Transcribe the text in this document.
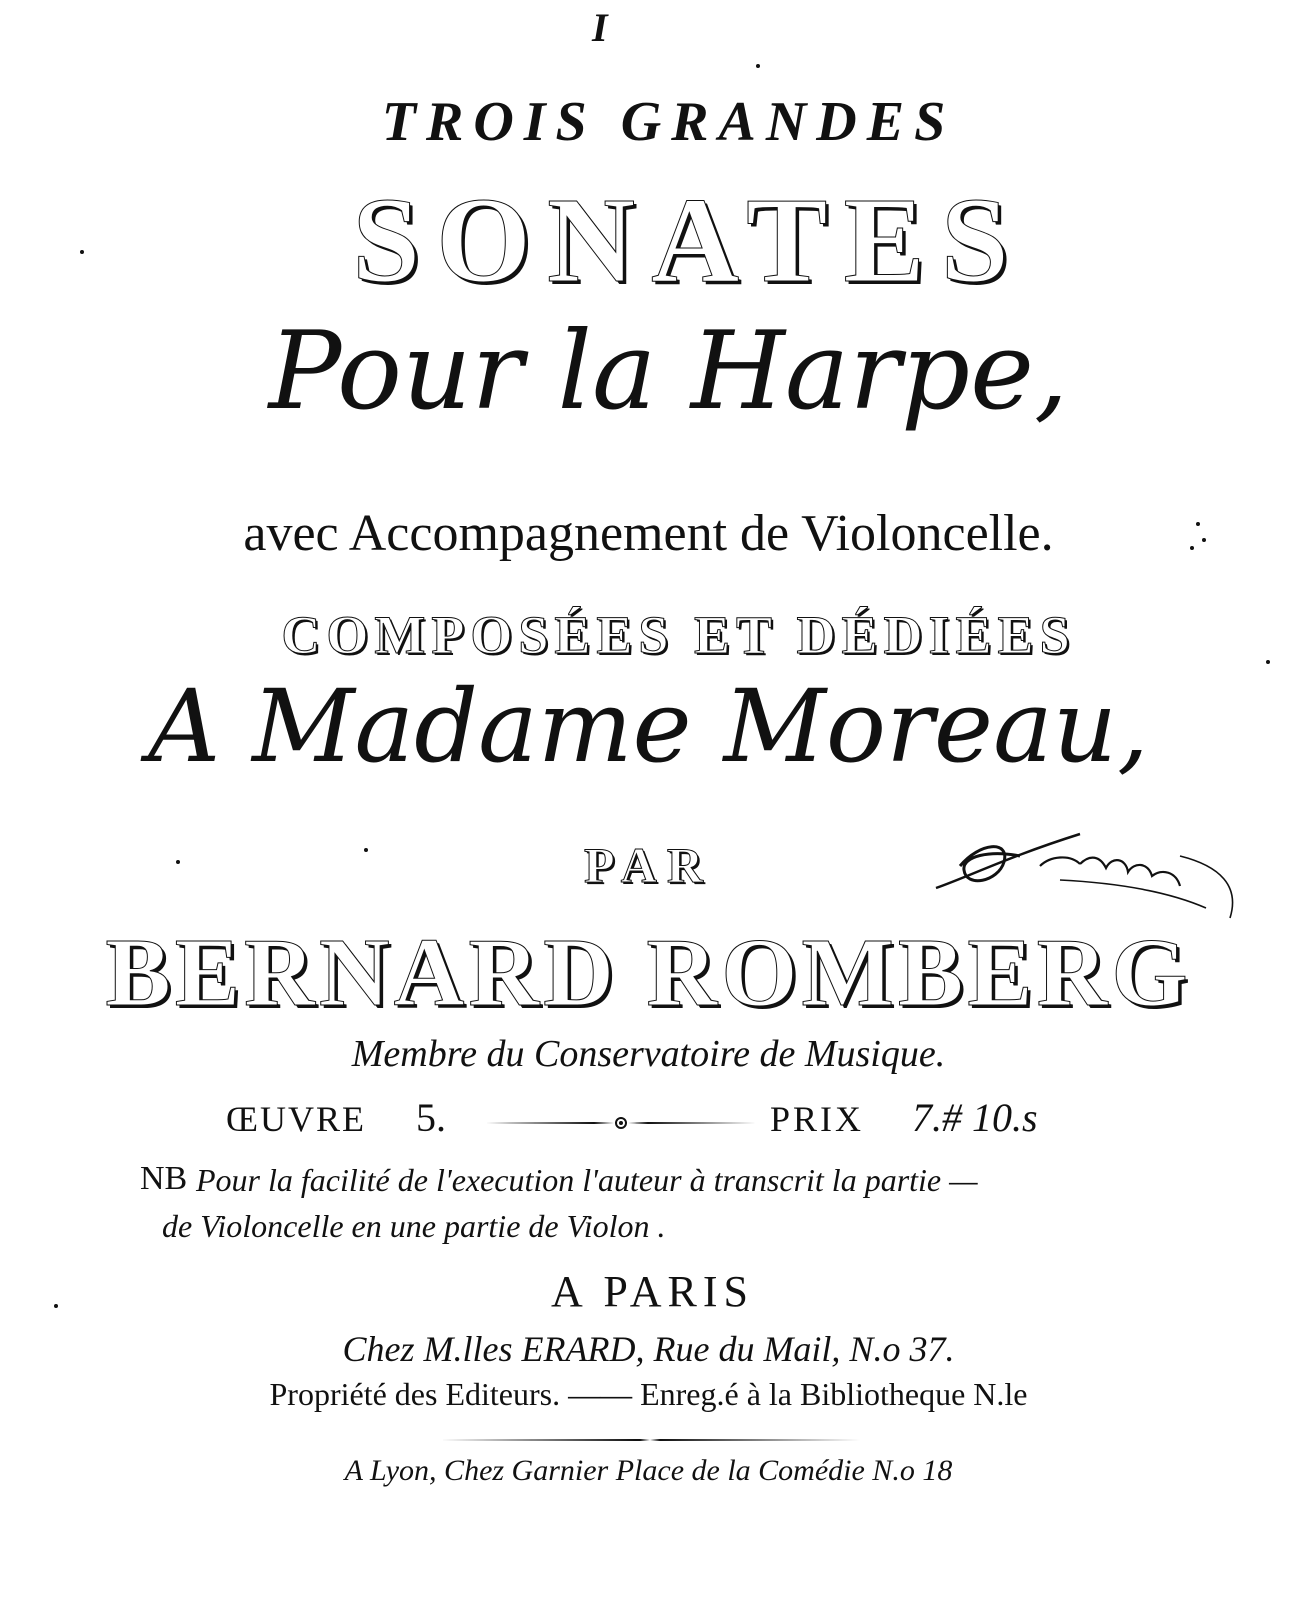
I
TROIS GRANDES
SONATES
Pour la Harpe,
avec Accompagnement de Violoncelle.
COMPOSÉES ET DÉDIÉES
A Madame Moreau,
PAR
BERNARD ROMBERG
Membre du Conservatoire de Musique.
ŒUVRE 5.	PRIX 7.# 10.s
NB Pour la facilité de l'execution l'auteur à transcrit la partie —
de Violoncelle en une partie de Violon .
A PARIS
Chez M.lles ERARD, Rue du Mail, N.o 37.
Propriété des Editeurs. —— Enreg.é à la Bibliotheque N.le
A Lyon, Chez Garnier Place de la Comédie N.o 18
